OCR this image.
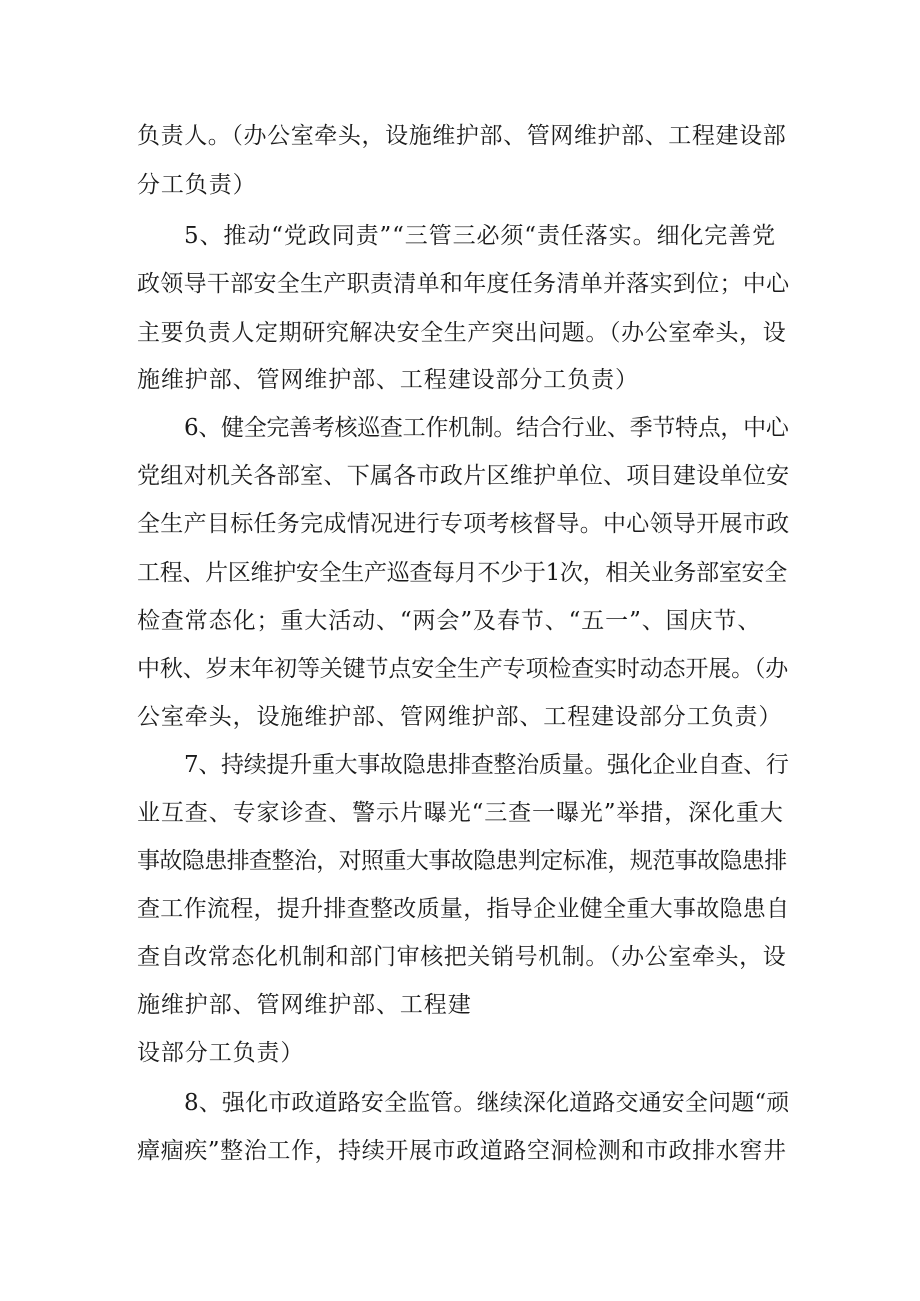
负责人。（办公室牵头，设施维护部、管网维护部、工程建设部
分工负责）
5、推动“党政同责”“三管三必须“责任落实。细化完善党
政领导干部安全生产职责清单和年度任务清单并落实到位；中心
主要负责人定期研究解决安全生产突出问题。（办公室牵头，设
施维护部、管网维护部、工程建设部分工负责）
6、健全完善考核巡查工作机制。结合行业、季节特点，中心
党组对机关各部室、下属各市政片区维护单位、项目建设单位安
全生产目标任务完成情况进行专项考核督导。中心领导开展市政
工程、片区维护安全生产巡查每月不少于1次，相关业务部室安全
检查常态化；重大活动、“两会”及春节、“五一”、国庆节、
中秋、岁末年初等关键节点安全生产专项检查实时动态开展。（办
公室牵头，设施维护部、管网维护部、工程建设部分工负责）
7、持续提升重大事故隐患排查整治质量。强化企业自查、行
业互查、专家诊查、警示片曝光“三查一曝光”举措，深化重大
事故隐患排查整治，对照重大事故隐患判定标准，规范事故隐患排
查工作流程，提升排查整改质量，指导企业健全重大事故隐患自
查自改常态化机制和部门审核把关销号机制。（办公室牵头，设
施维护部、管网维护部、工程建
设部分工负责）
8、强化市政道路安全监管。继续深化道路交通安全问题“顽
瘴痼疾”整治工作，持续开展市政道路空洞检测和市政排水窖井
